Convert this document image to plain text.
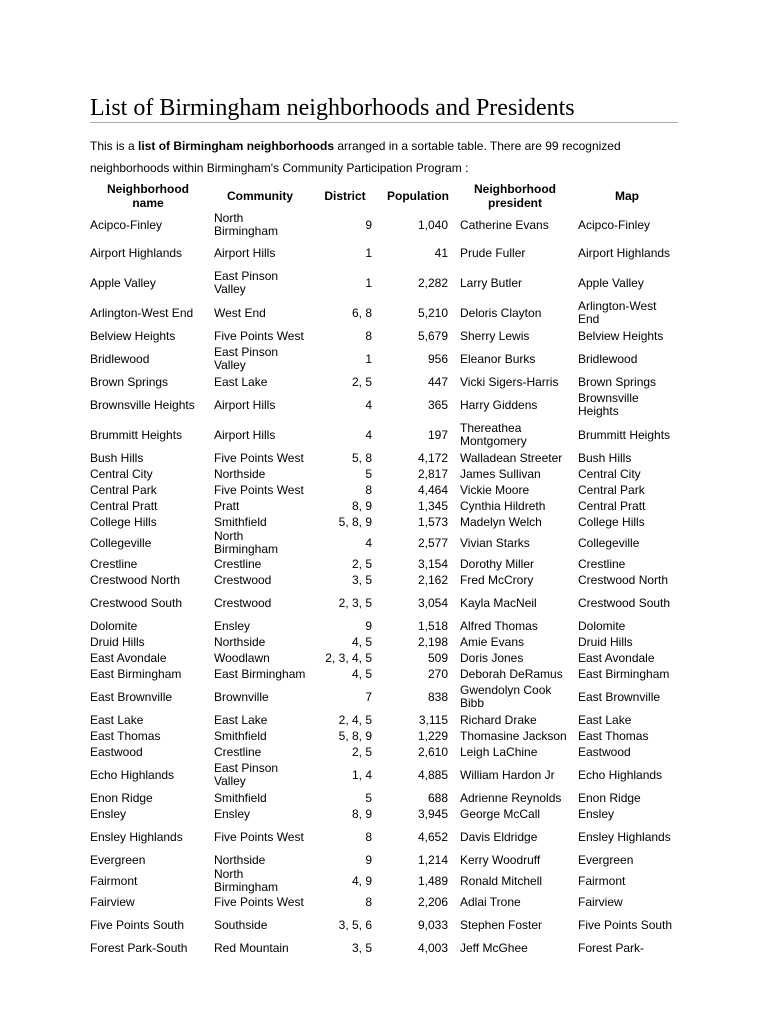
List of Birmingham neighborhoods and Presidents

This is a list of Birmingham neighborhoods arranged in a sortable table. There are 99 recognized neighborhoods within Birmingham's Community Participation Program :

Neighborhood name	Community	District	Population	Neighborhood president	Map
Acipco-Finley	North Birmingham	9	1,040	Catherine Evans	Acipco-Finley
Airport Highlands	Airport Hills	1	41	Prude Fuller	Airport Highlands
Apple Valley	East Pinson Valley	1	2,282	Larry Butler	Apple Valley
Arlington-West End	West End	6, 8	5,210	Deloris Clayton	Arlington-West End
Belview Heights	Five Points West	8	5,679	Sherry Lewis	Belview Heights
Bridlewood	East Pinson Valley	1	956	Eleanor Burks	Bridlewood
Brown Springs	East Lake	2, 5	447	Vicki Sigers-Harris	Brown Springs
Brownsville Heights	Airport Hills	4	365	Harry Giddens	Brownsville Heights
Brummitt Heights	Airport Hills	4	197	Thereathea Montgomery	Brummitt Heights
Bush Hills	Five Points West	5, 8	4,172	Walladean Streeter	Bush Hills
Central City	Northside	5	2,817	James Sullivan	Central City
Central Park	Five Points West	8	4,464	Vickie Moore	Central Park
Central Pratt	Pratt	8, 9	1,345	Cynthia Hildreth	Central Pratt
College Hills	Smithfield	5, 8, 9	1,573	Madelyn Welch	College Hills
Collegeville	North Birmingham	4	2,577	Vivian Starks	Collegeville
Crestline	Crestline	2, 5	3,154	Dorothy Miller	Crestline
Crestwood North	Crestwood	3, 5	2,162	Fred McCrory	Crestwood North
Crestwood South	Crestwood	2, 3, 5	3,054	Kayla MacNeil	Crestwood South
Dolomite	Ensley	9	1,518	Alfred Thomas	Dolomite
Druid Hills	Northside	4, 5	2,198	Amie Evans	Druid Hills
East Avondale	Woodlawn	2, 3, 4, 5	509	Doris Jones	East Avondale
East Birmingham	East Birmingham	4, 5	270	Deborah DeRamus	East Birmingham
East Brownville	Brownville	7	838	Gwendolyn Cook Bibb	East Brownville
East Lake	East Lake	2, 4, 5	3,115	Richard Drake	East Lake
East Thomas	Smithfield	5, 8, 9	1,229	Thomasine Jackson	East Thomas
Eastwood	Crestline	2, 5	2,610	Leigh LaChine	Eastwood
Echo Highlands	East Pinson Valley	1, 4	4,885	William Hardon Jr	Echo Highlands
Enon Ridge	Smithfield	5	688	Adrienne Reynolds	Enon Ridge
Ensley	Ensley	8, 9	3,945	George McCall	Ensley
Ensley Highlands	Five Points West	8	4,652	Davis Eldridge	Ensley Highlands
Evergreen	Northside	9	1,214	Kerry Woodruff	Evergreen
Fairmont	North Birmingham	4, 9	1,489	Ronald Mitchell	Fairmont
Fairview	Five Points West	8	2,206	Adlai Trone	Fairview
Five Points South	Southside	3, 5, 6	9,033	Stephen Foster	Five Points South
Forest Park-South	Red Mountain	3, 5	4,003	Jeff McGhee	Forest Park-
